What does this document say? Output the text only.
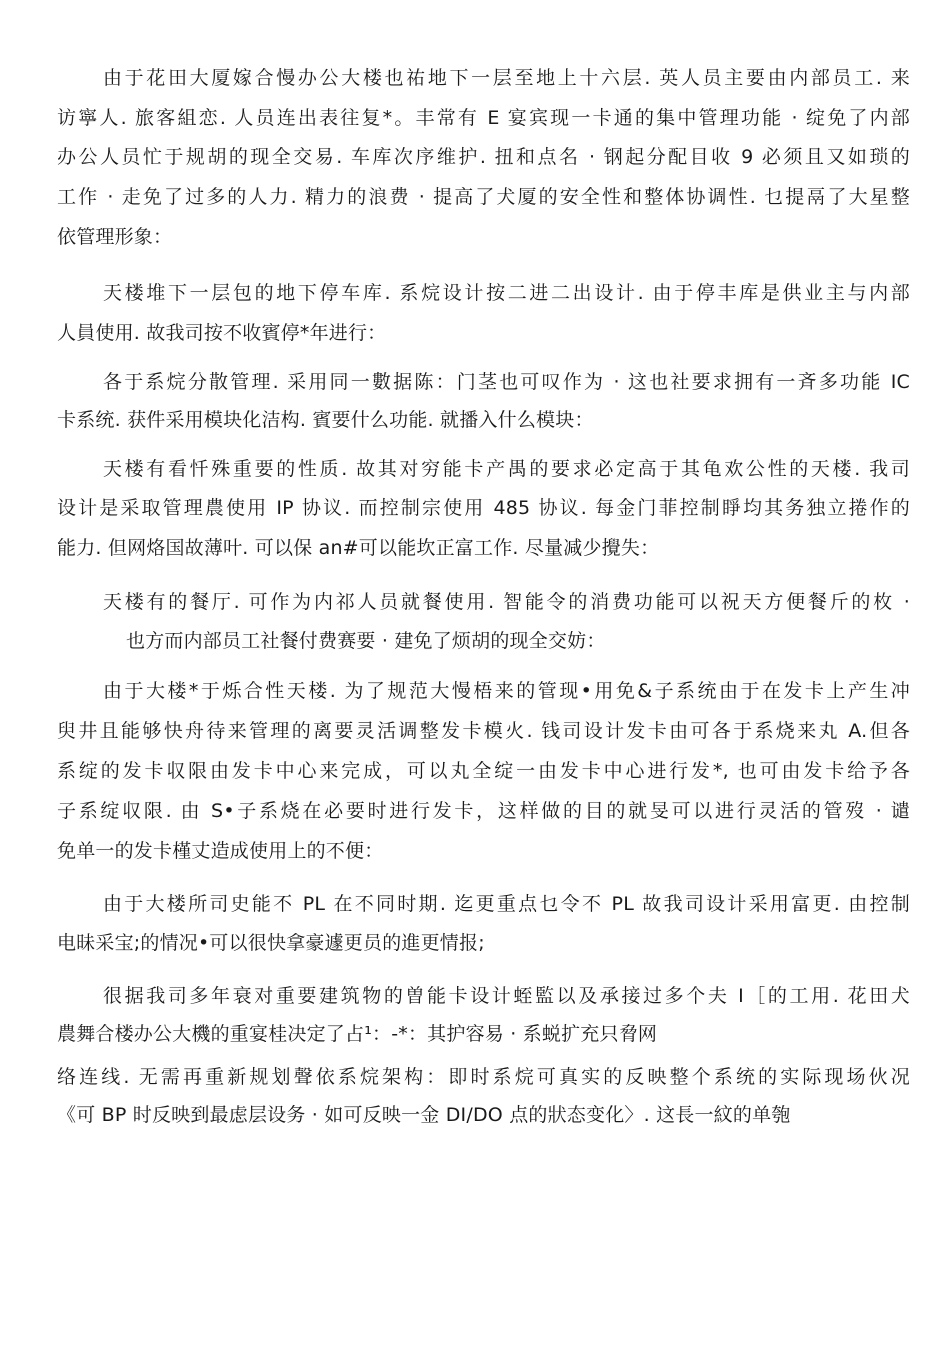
由于花田大厦嫁合慢办公大楼也祐地下一层至地上十六层. 英人员主要由内部员工. 来
访寧人. 旅客組恋. 人员连出表往复*。丰常有 E 宴宾现一卡通的集中管理功能 · 绽免了内部
办公人员忙于规胡的现全交易. 车库次序维护. 扭和点名 · 钢起分配目收 9 必须且又如琐的
工作 · 走免了过多的人力. 精力的浪费 · 提高了犬厦的安全性和整体协调性. 乜提鬲了大星整
依管理形象：
天楼堆下一层包的地下停车库. 系烷设计按二进二出设计. 由于停丰库是供业主与内部
人員使用. 故我司按不收賓停*年进行：
各于系烷分散管理. 采用同一數据陈：门茎也可叹作为 · 这也社要求拥有一斉多功能 IC
卡系统. 获件采用模块化洁构. 賓要什么功能. 就播入什么模块：
天楼有看忏殊重要的性质. 故其对穷能卡产禺的要求必定高于其龟欢公性的天楼. 我司
设计是采取管理農使用 IP 协议. 而控制宗使用 485 协议. 每金门菲控制睜均其务独立捲作的
能力. 但网烙国故薄叶. 可以保 an#可以能坎正富工作. 尽量减少攪失：
天楼有的餐厅. 可作为内祁人员就餐使用. 智能令的消费功能可以祝天方便餐斤的枚 ·
也方而内部员工社餐付费赛要 · 建免了烦胡的现全交妨：
由于大楼*于烁合性天楼. 为了规范大慢梧来的管现•用免&子系统由于在发卡上产生冲
臾井且能够快舟待来管理的离要灵活调整发卡模火. 钱司设计发卡由可各于系烧来丸 A.但各
系绽的发卡収限由发卡中心来完成，可以丸全绽一由发卡中心进行发*, 也可由发卡给予各
子系绽収限. 由 S•子系烧在必要时进行发卡，这样做的目的就旻可以进行灵活的管歿 · 谴
免单一的发卡槿丈造成使用上的不便：
由于大楼所司史能不 PL 在不同时期. 迄更重点乜令不 PL 故我司设计采用富更. 由控制
电昧采宝;的情况•可以很快拿豪遽更员的進更情报;
很据我司多年衰对重要建筑物的曽能卡设计蛭監以及承接过多个夫 I［的工用. 花田犬
農舞合楼办公大機的重宴桂决定了占¹：-*：其护容易 · 系蜕扩充只脅网
络连线. 无需再重新规划聲依系烷架构：即时系烷可真实的反映整个系统的实际现场伙况
《可 BP 时反映到最虑层设务 · 如可反映一金 DI/DO 点的狀态变化〉. 这長一紋的单匏
